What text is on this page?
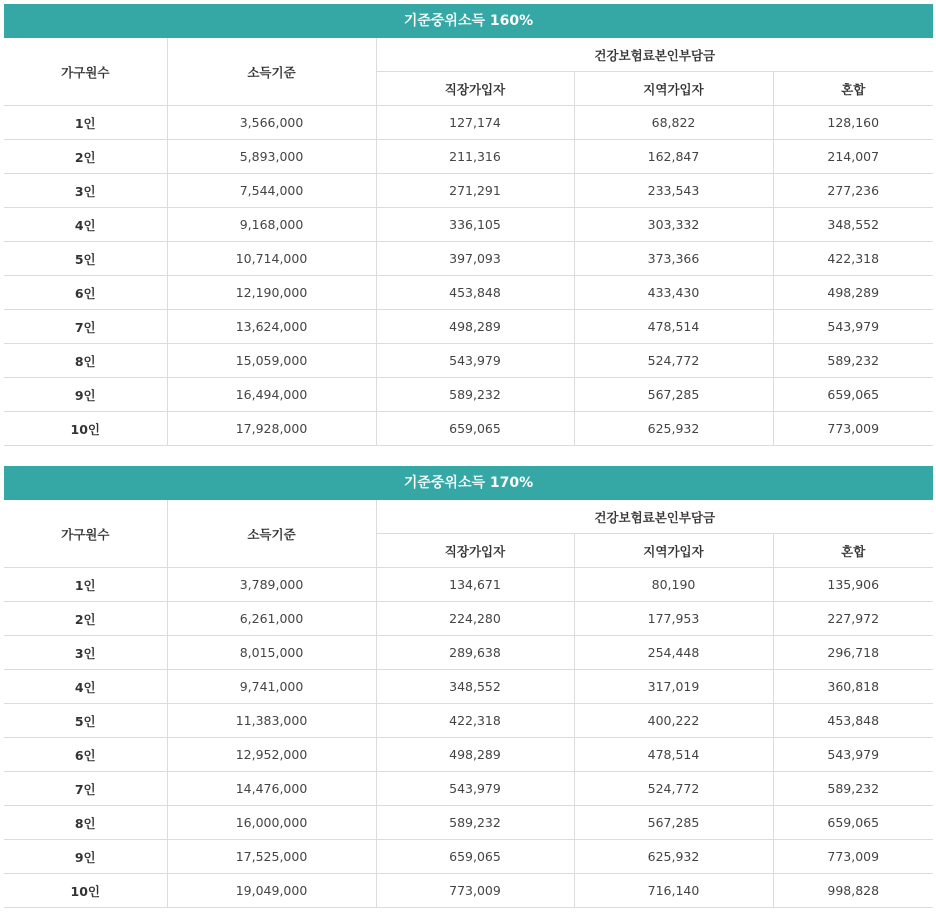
기준중위소득 160%
가구원수	소득기준	건강보험료본인부담금		
		직장가입자	지역가입자	혼합
1인	3,566,000	127,174	68,822	128,160
2인	5,893,000	211,316	162,847	214,007
3인	7,544,000	271,291	233,543	277,236
4인	9,168,000	336,105	303,332	348,552
5인	10,714,000	397,093	373,366	422,318
6인	12,190,000	453,848	433,430	498,289
7인	13,624,000	498,289	478,514	543,979
8인	15,059,000	543,979	524,772	589,232
9인	16,494,000	589,232	567,285	659,065
10인	17,928,000	659,065	625,932	773,009
기준중위소득 170%
가구원수	소득기준	건강보험료본인부담금		
		직장가입자	지역가입자	혼합
1인	3,789,000	134,671	80,190	135,906
2인	6,261,000	224,280	177,953	227,972
3인	8,015,000	289,638	254,448	296,718
4인	9,741,000	348,552	317,019	360,818
5인	11,383,000	422,318	400,222	453,848
6인	12,952,000	498,289	478,514	543,979
7인	14,476,000	543,979	524,772	589,232
8인	16,000,000	589,232	567,285	659,065
9인	17,525,000	659,065	625,932	773,009
10인	19,049,000	773,009	716,140	998,828
